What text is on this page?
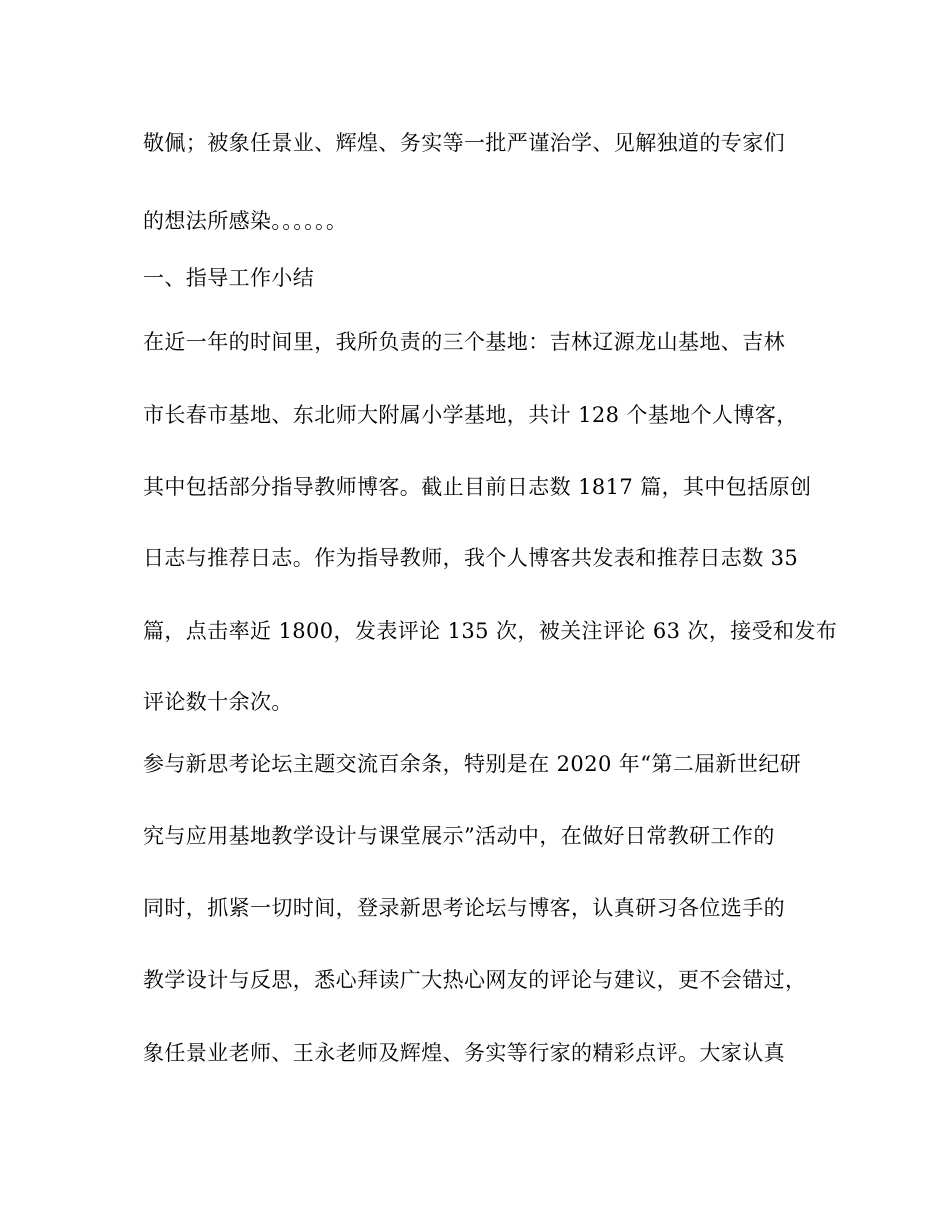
敬佩；被象任景业、辉煌、务实等一批严谨治学、见解独道的专家们
的想法所感染。。。。。。
一、指导工作小结
在近一年的时间里，我所负责的三个基地：吉林辽源龙山基地、吉林
市长春市基地、东北师大附属小学基地，共计 128 个基地个人博客，
其中包括部分指导教师博客。截止目前日志数 1817 篇，其中包括原创
日志与推荐日志。作为指导教师，我个人博客共发表和推荐日志数 35
篇，点击率近 1800，发表评论 135 次，被关注评论 63 次，接受和发布
评论数十余次。
参与新思考论坛主题交流百余条，特别是在 2020 年“第二届新世纪研
究与应用基地教学设计与课堂展示”活动中，在做好日常教研工作的
同时，抓紧一切时间，登录新思考论坛与博客，认真研习各位选手的
教学设计与反思，悉心拜读广大热心网友的评论与建议，更不会错过，
象任景业老师、王永老师及辉煌、务实等行家的精彩点评。大家认真
